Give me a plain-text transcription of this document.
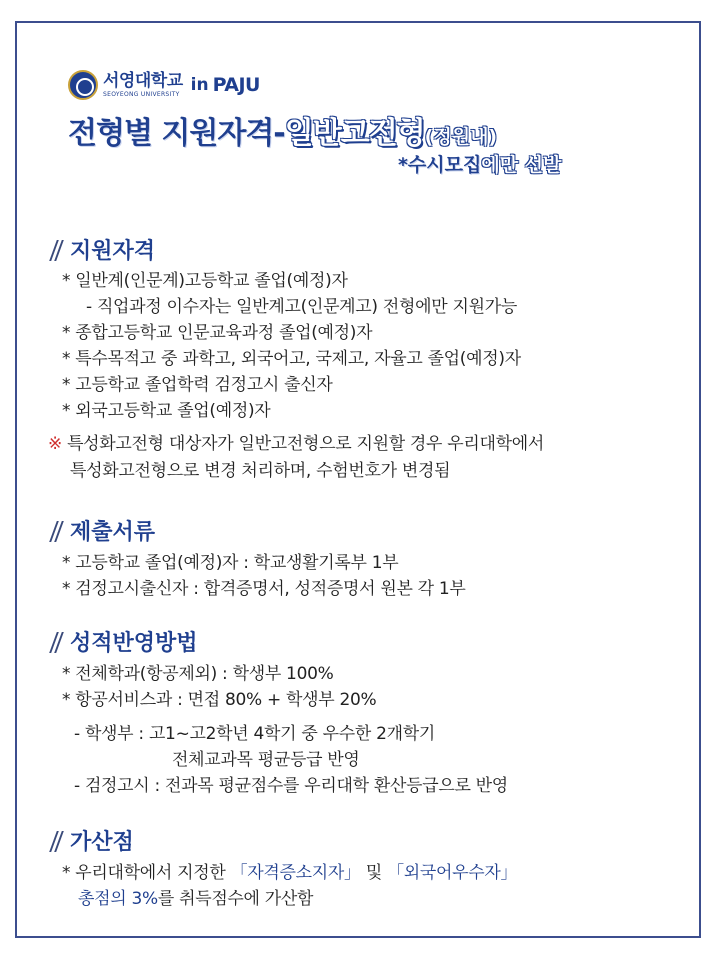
서영대학교
SEOYEONG UNIVERSITY in PAJU
전형별 지원자격-일반고전형(정원내)
*수시모집에만 선발
지원자격
* 일반계(인문계)고등학교 졸업(예정)자
- 직업과정 이수자는 일반계고(인문계고) 전형에만 지원가능
* 종합고등학교 인문교육과정 졸업(예정)자
* 특수목적고 중 과학고, 외국어고, 국제고, 자율고 졸업(예정)자
* 고등학교 졸업학력 검정고시 출신자
* 외국고등학교 졸업(예정)자
※ 특성화고전형 대상자가 일반고전형으로 지원할 경우 우리대학에서
특성화고전형으로 변경 처리하며, 수험번호가 변경됨
제출서류
* 고등학교 졸업(예정)자 : 학교생활기록부 1부
* 검정고시출신자 : 합격증명서, 성적증명서 원본 각 1부
성적반영방법
* 전체학과(항공제외) : 학생부 100%
* 항공서비스과 : 면접 80% + 학생부 20%
- 학생부 : 고1~고2학년 4학기 중 우수한 2개학기
전체교과목 평균등급 반영
- 검정고시 : 전과목 평균점수를 우리대학 환산등급으로 반영
가산점
* 우리대학에서 지정한 「자격증소지자」 및 「외국어우수자」
총점의 3%를 취득점수에 가산함
